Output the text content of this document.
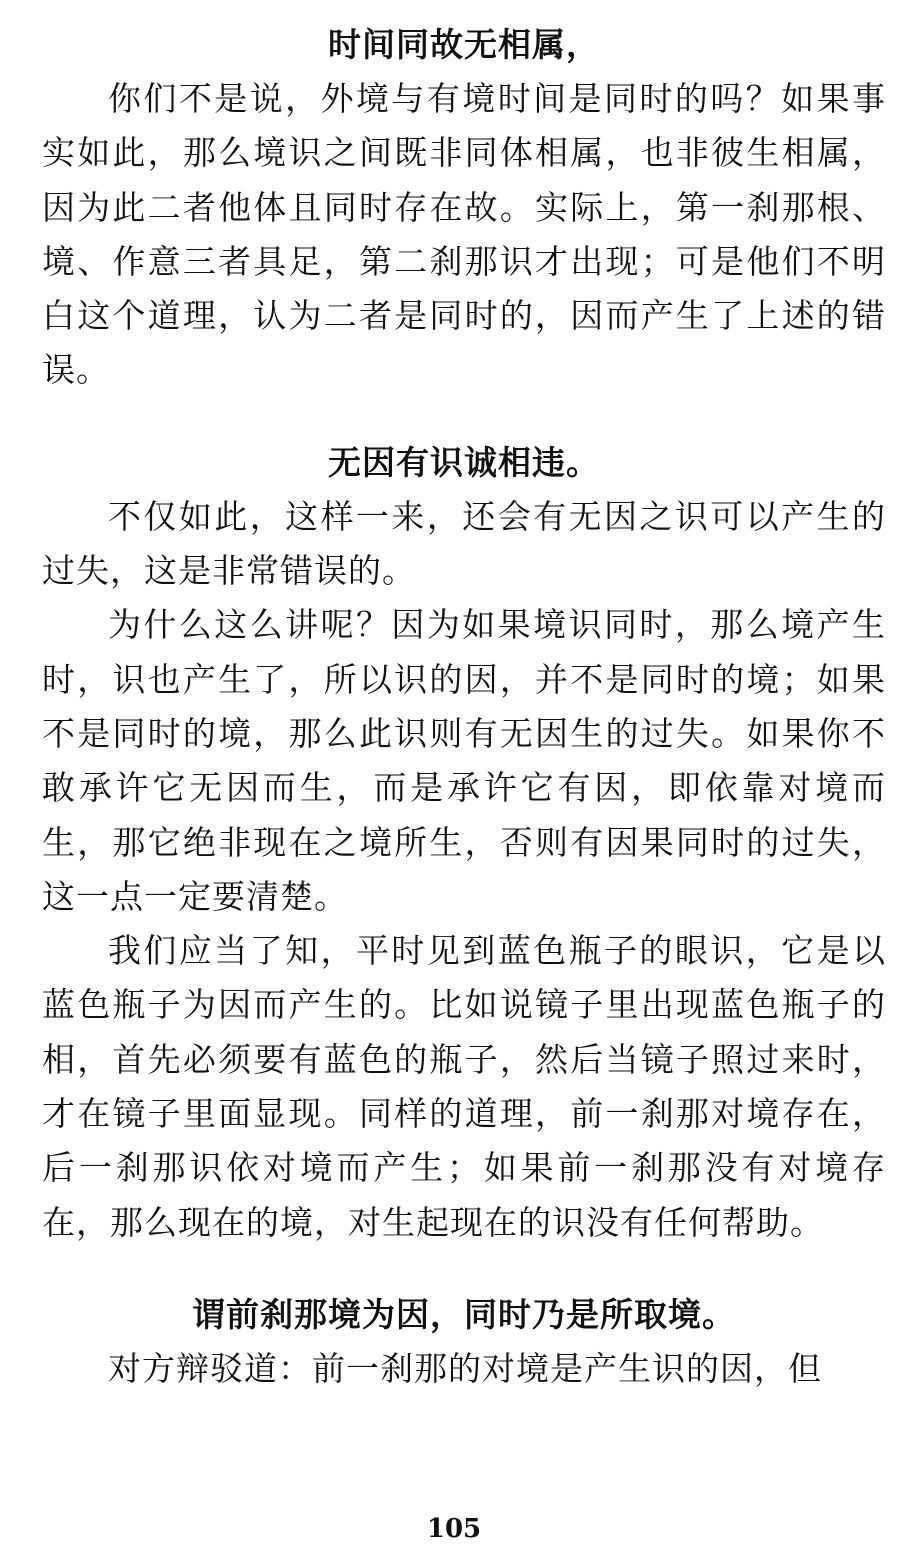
时间同故无相属，

你们不是说，外境与有境时间是同时的吗？如果事实如此，那么境识之间既非同体相属，也非彼生相属，因为此二者他体且同时存在故。实际上，第一刹那根、境、作意三者具足，第二刹那识才出现；可是他们不明白这个道理，认为二者是同时的，因而产生了上述的错误。

无因有识诚相违。

不仅如此，这样一来，还会有无因之识可以产生的过失，这是非常错误的。

为什么这么讲呢？因为如果境识同时，那么境产生时，识也产生了，所以识的因，并不是同时的境；如果不是同时的境，那么此识则有无因生的过失。如果你不敢承许它无因而生，而是承许它有因，即依靠对境而生，那它绝非现在之境所生，否则有因果同时的过失，这一点一定要清楚。

我们应当了知，平时见到蓝色瓶子的眼识，它是以蓝色瓶子为因而产生的。比如说镜子里出现蓝色瓶子的相，首先必须要有蓝色的瓶子，然后当镜子照过来时，才在镜子里面显现。同样的道理，前一刹那对境存在，后一刹那识依对境而产生；如果前一刹那没有对境存在，那么现在的境，对生起现在的识没有任何帮助。

谓前刹那境为因，同时乃是所取境。

对方辩驳道：前一刹那的对境是产生识的因，但

105
